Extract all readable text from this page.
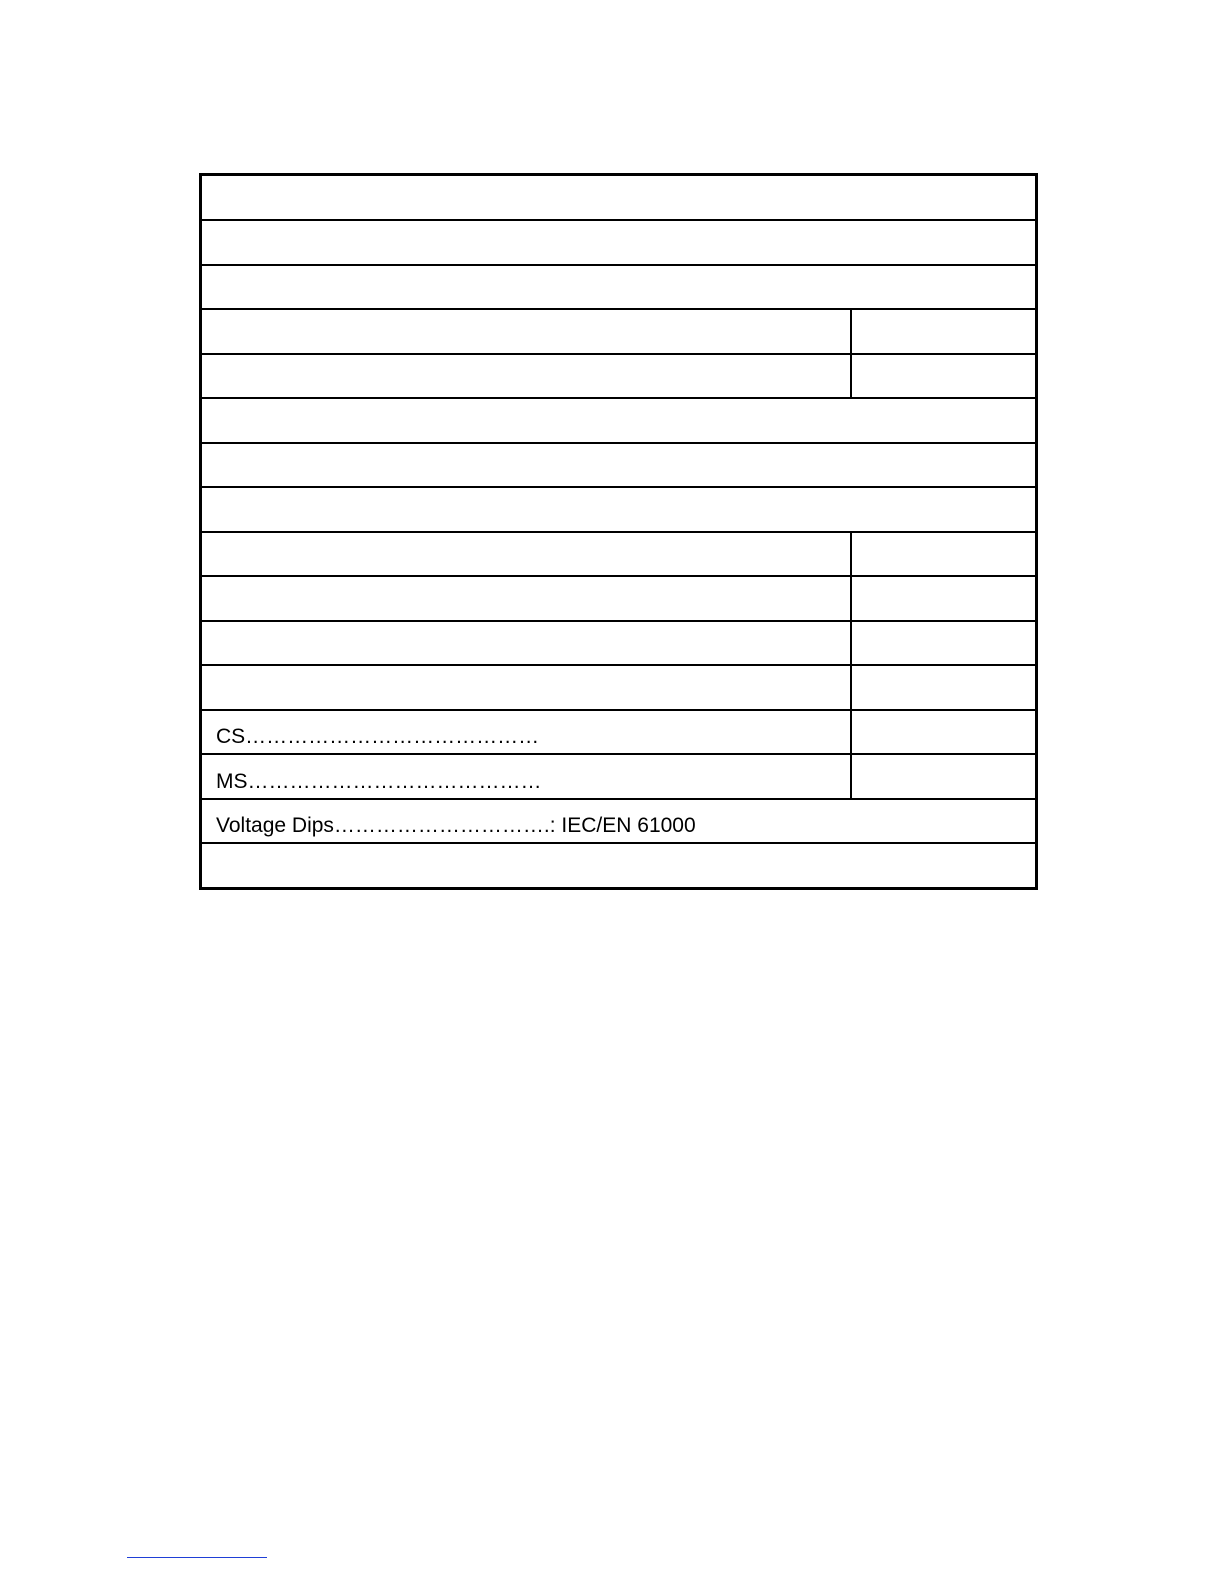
CS……………………………………
MS……………………………………
Voltage Dips………………………….: IEC/EN 61000
